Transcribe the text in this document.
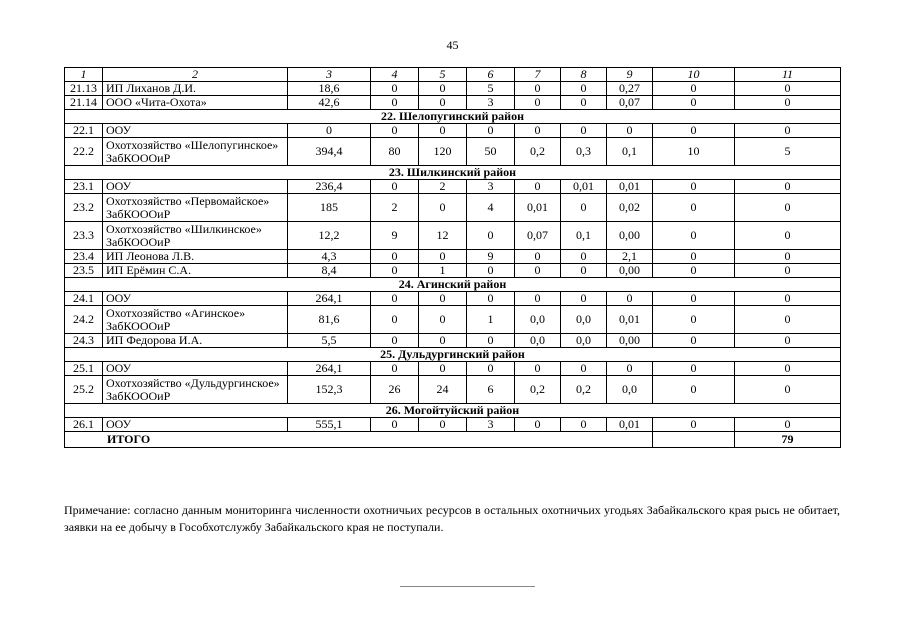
45
1	2	3	4	5	6	7	8	9	10	11
21.13	ИП Лиханов Д.И.	18,6	0	0	5	0	0	0,27	0	0
21.14	ООО «Чита-Охота»	42,6	0	0	3	0	0	0,07	0	0
22. Шелопугинский район										
22.1	ООУ	0	0	0	0	0	0	0	0	0
22.2	Охотхозяйство «Шелопугинское» ЗабКОООиР	394,4	80	120	50	0,2	0,3	0,1	10	5
23. Шилкинский район										
23.1	ООУ	236,4	0	2	3	0	0,01	0,01	0	0
23.2	Охотхозяйство «Первомайское» ЗабКОООиР	185	2	0	4	0,01	0	0,02	0	0
23.3	Охотхозяйство «Шилкинское» ЗабКОООиР	12,2	9	12	0	0,07	0,1	0,00	0	0
23.4	ИП Леонова Л.В.	4,3	0	0	9	0	0	2,1	0	0
23.5	ИП Ерёмин С.А.	8,4	0	1	0	0	0	0,00	0	0
24. Агинский район										
24.1	ООУ	264,1	0	0	0	0	0	0	0	0
24.2	Охотхозяйство «Агинское» ЗабКОООиР	81,6	0	0	1	0,0	0,0	0,01	0	0
24.3	ИП Федорова И.А.	5,5	0	0	0	0,0	0,0	0,00	0	0
25. Дульдургинский район										
25.1	ООУ	264,1	0	0	0	0	0	0	0	0
25.2	Охотхозяйство «Дульдургинское» ЗабКОООиР	152,3	26	24	6	0,2	0,2	0,0	0	0
26. Могойтуйский район										
26.1	ООУ	555,1	0	0	3	0	0	0,01	0	0
ИТОГО										79
Примечание: согласно данным мониторинга численности охотничьих ресурсов в остальных охотничьих угодьях Забайкальского края рысь не обитает, заявки на ее добычу в Гособхотслужбу Забайкальского края не поступали.
